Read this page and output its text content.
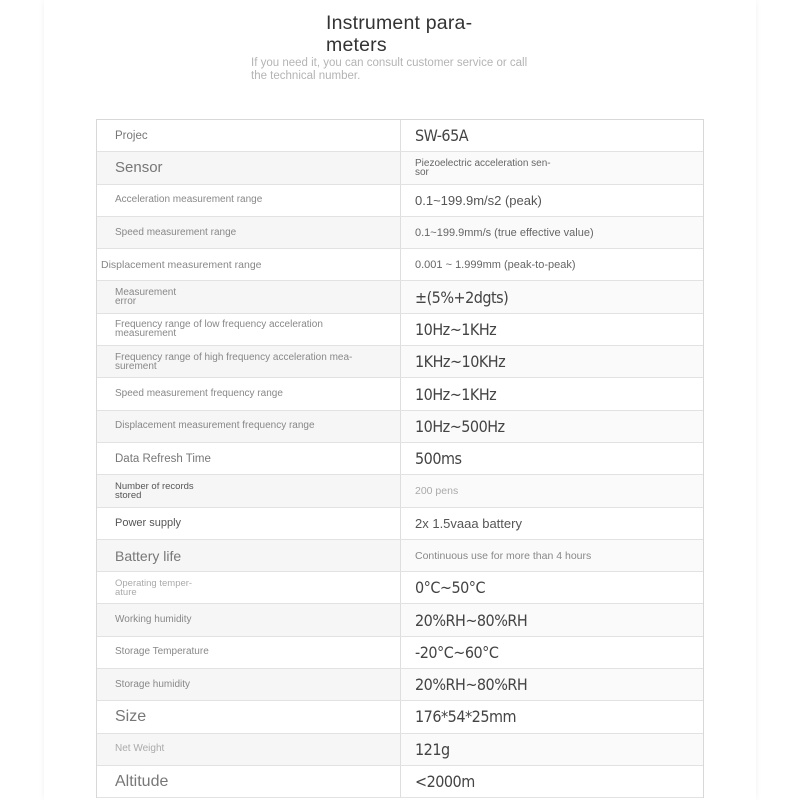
Instrument para-
meters
If you need it, you can consult customer service or call
the technical number.
Projec	SW-65A
Sensor	Piezoelectric acceleration sen-
sor
Acceleration measurement range	0.1~199.9m/s2 (peak)
Speed measurement range	0.1~199.9mm/s (true effective value)
Displacement measurement range	0.001 ~ 1.999mm (peak-to-peak)
Measurement
error	±(5%+2dgts)
Frequency range of low frequency acceleration
measurement	10Hz~1KHz
Frequency range of high frequency acceleration mea-
surement	1KHz~10KHz
Speed measurement frequency range	10Hz~1KHz
Displacement measurement frequency range	10Hz~500Hz
Data Refresh Time	500ms
Number of records
stored	200 pens
Power supply	2x 1.5vaaa battery
Battery life	Continuous use for more than 4 hours
Operating temper-
ature	0°C~50°C
Working humidity	20%RH~80%RH
Storage Temperature	-20°C~60°C
Storage humidity	20%RH~80%RH
Size	176*54*25mm
Net Weight	121g
Altitude	<2000m
